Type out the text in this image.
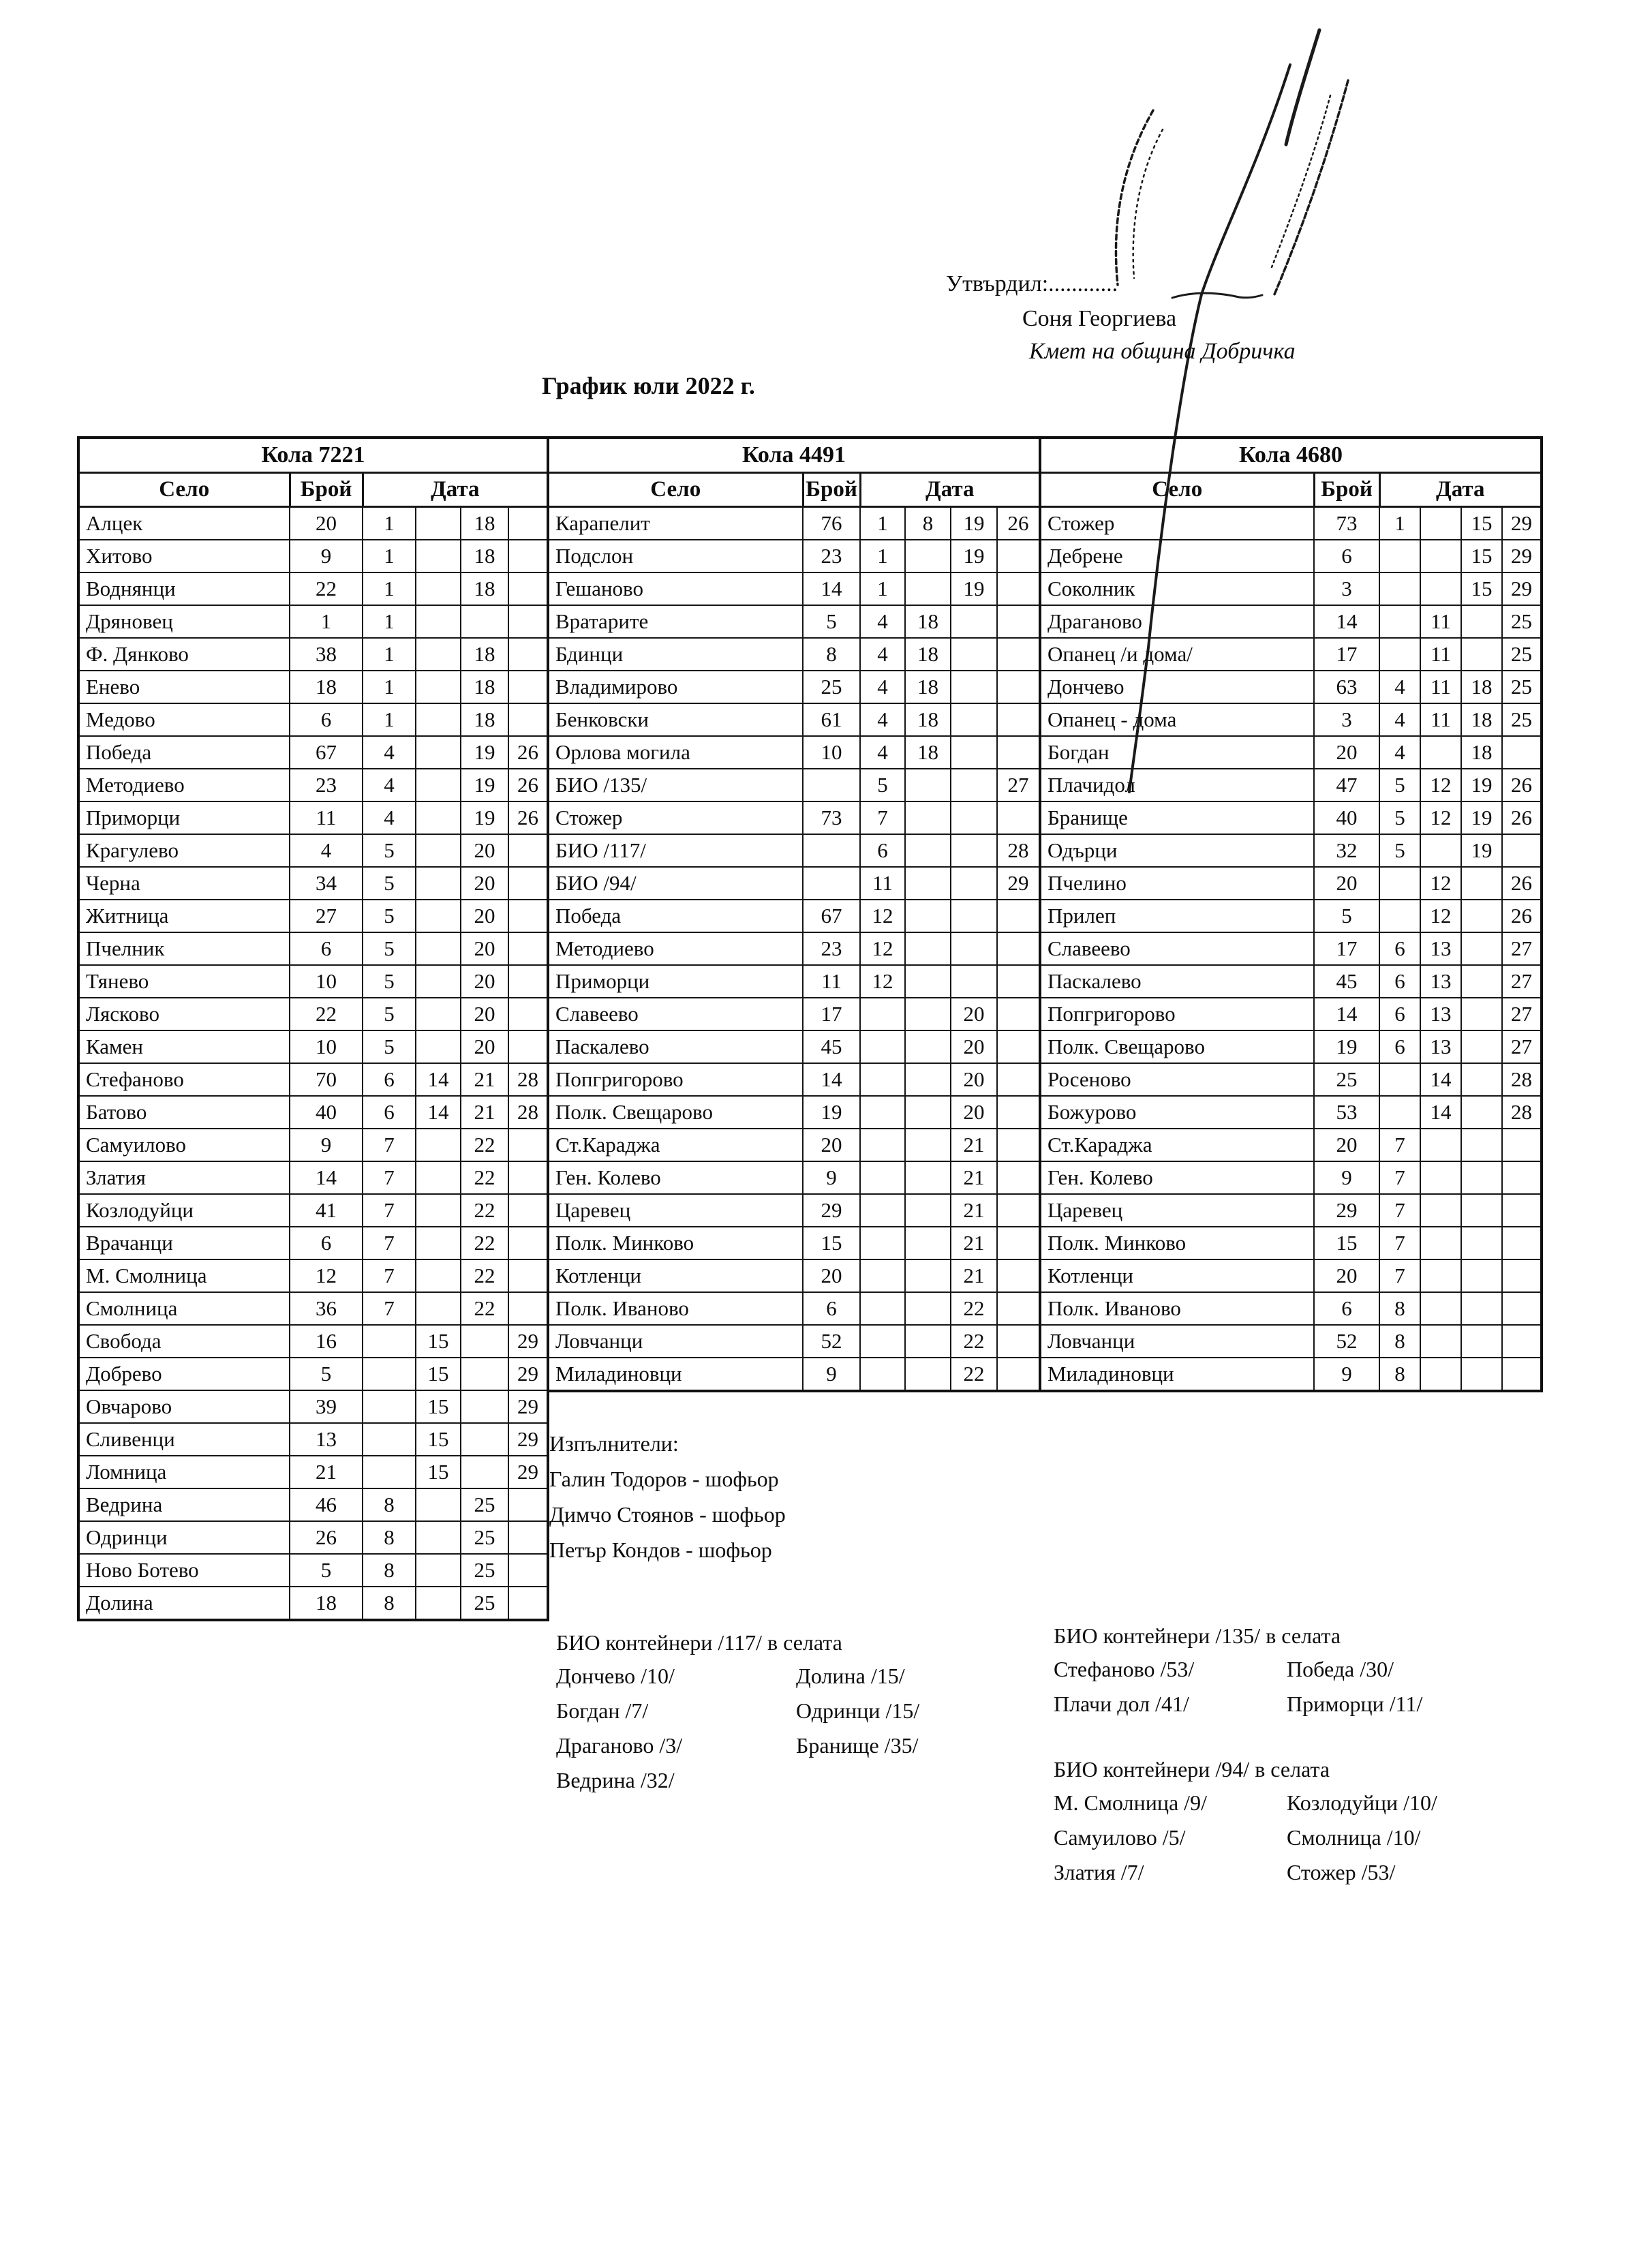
Утвърдил:............
Соня Георгиева
Кмет на община Добричка
График юли 2022 г.
Кола 7221					
Село	Брой	Дата			
Алцек	20	1		18	
Хитово	9	1		18	
Воднянци	22	1		18	
Дряновец	1	1			
Ф. Дянково	38	1		18	
Енево	18	1		18	
Медово	6	1		18	
Победа	67	4		19	26
Методиево	23	4		19	26
Приморци	11	4		19	26
Крагулево	4	5		20	
Черна	34	5		20	
Житница	27	5		20	
Пчелник	6	5		20	
Тянево	10	5		20	
Лясково	22	5		20	
Камен	10	5		20	
Стефаново	70	6	14	21	28
Батово	40	6	14	21	28
Самуилово	9	7		22	
Златия	14	7		22	
Козлодуйци	41	7		22	
Врачанци	6	7		22	
М. Смолница	12	7		22	
Смолница	36	7		22	
Свобода	16		15		29
Добрево	5		15		29
Овчарово	39		15		29
Сливенци	13		15		29
Ломница	21		15		29
Ведрина	46	8		25	
Одринци	26	8		25	
Ново Ботево	5	8		25	
Долина	18	8		25	
Кола 4491					
Село	Брой	Дата			
Карапелит	76	1	8	19	26
Подслон	23	1		19	
Гешаново	14	1		19	
Вратарите	5	4	18		
Бдинци	8	4	18		
Владимирово	25	4	18		
Бенковски	61	4	18		
Орлова могила	10	4	18		
БИО /135/		5			27
Стожер	73	7			
БИО /117/		6			28
БИО /94/		11			29
Победа	67	12			
Методиево	23	12			
Приморци	11	12			
Славеево	17			20	
Паскалево	45			20	
Попгригорово	14			20	
Полк. Свещарово	19			20	
Ст.Караджа	20			21	
Ген. Колево	9			21	
Царевец	29			21	
Полк. Минково	15			21	
Котленци	20			21	
Полк. Иваново	6			22	
Ловчанци	52			22	
Миладиновци	9			22	
Кола 4680					
Село	Брой	Дата			
Стожер	73	1		15	29
Дебрене	6			15	29
Соколник	3			15	29
Драганово	14		11		25
Опанец /и дома/	17		11		25
Дончево	63	4	11	18	25
Опанец - дома	3	4	11	18	25
Богдан	20	4		18	
Плачидол	47	5	12	19	26
Бранище	40	5	12	19	26
Одърци	32	5		19	
Пчелино	20		12		26
Прилеп	5		12		26
Славеево	17	6	13		27
Паскалево	45	6	13		27
Попгригорово	14	6	13		27
Полк. Свещарово	19	6	13		27
Росеново	25		14		28
Божурово	53		14		28
Ст.Караджа	20	7			
Ген. Колево	9	7			
Царевец	29	7			
Полк. Минково	15	7			
Котленци	20	7			
Полк. Иваново	6	8			
Ловчанци	52	8			
Миладиновци	9	8			
Изпълнители:
Галин Тодоров - шофьор
Димчо Стоянов - шофьор
Петър Кондов - шофьор
БИО контейнери /117/ в селата
Дончево /10/	Долина /15/
Богдан /7/	Одринци /15/
Драганово /3/	Бранище /35/
Ведрина /32/
БИО контейнери /135/ в селата
Стефаново /53/	Победа /30/
Плачи дол /41/	Приморци /11/
БИО контейнери /94/ в селата
М. Смолница /9/	Козлодуйци /10/
Самуилово /5/	Смолница /10/
Златия /7/	Стожер /53/
